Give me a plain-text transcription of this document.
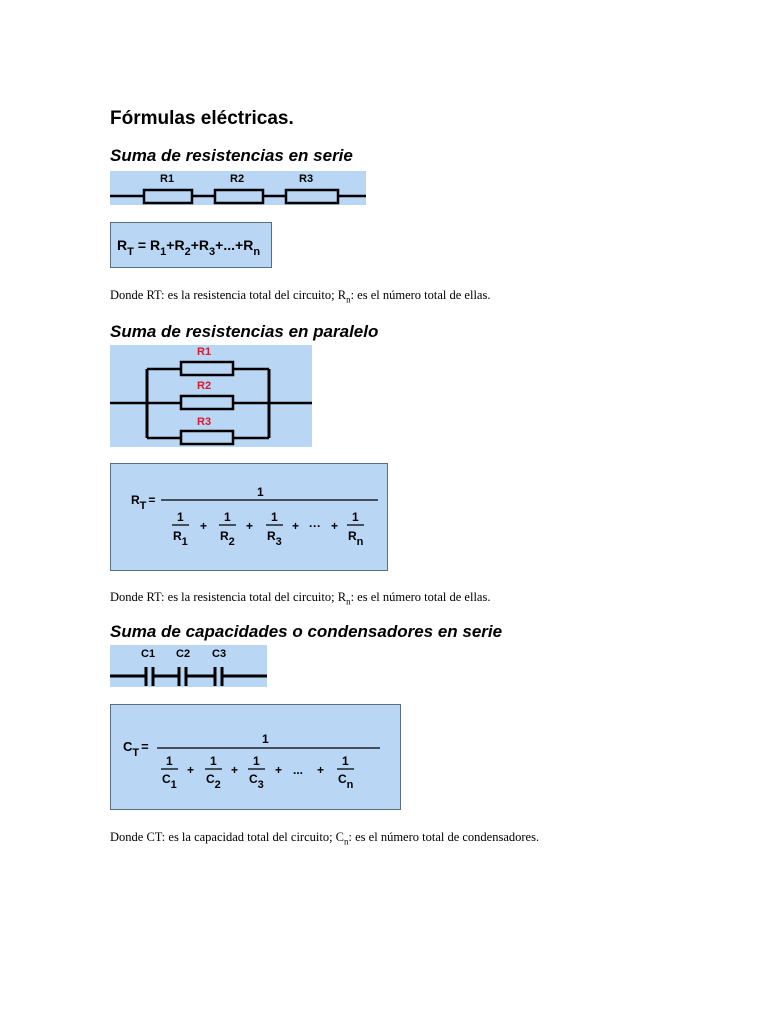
Fórmulas eléctricas.
Suma de resistencias en serie
R1	R2	R3
$R_T = R_1+R_2+R_3+...+R_n$

Donde RT: es la resistencia total del circuito; $R_n$: es el número total de ellas.

Suma de resistencias en paralelo
R1
R2
R3
RT =
1
1
R1
+
1
R2
+
1
R3
+ ··· +
1
Rn

Donde RT: es la resistencia total del circuito; $R_n$: es el número total de ellas.

Suma de capacidades o condensadores en serie
C1 C2 C3
$C_T$ =	1
1
C1
+
1
C2
+
1
C3
+ ... +
1
Cn

Donde CT: es la capacidad total del circuito; $C_n$: es el número total de condensadores.
